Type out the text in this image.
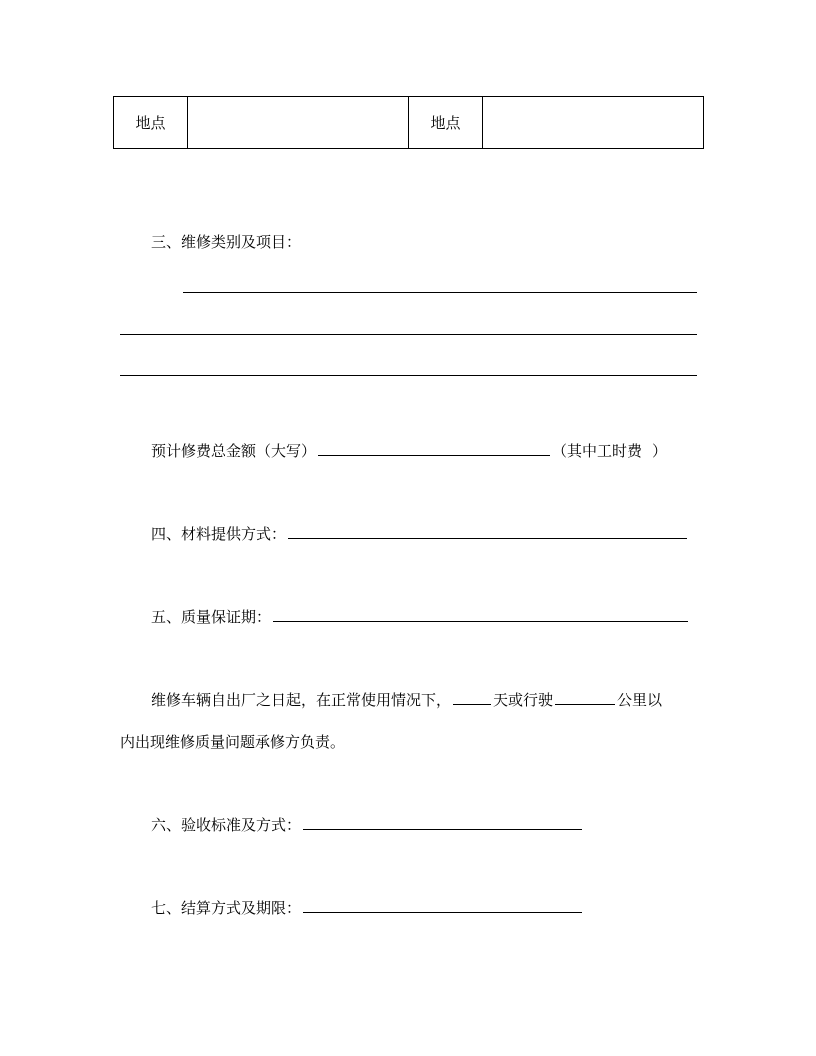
地点		地点	
三、维修类别及项目：
预计修费总金额（大写）	（其中工时费 ）
四、材料提供方式：
五、质量保证期：
维修车辆自出厂之日起，在正常使用情况下，	天或行驶	公里以
内出现维修质量问题承修方负责。
六、验收标准及方式：
七、结算方式及期限：
